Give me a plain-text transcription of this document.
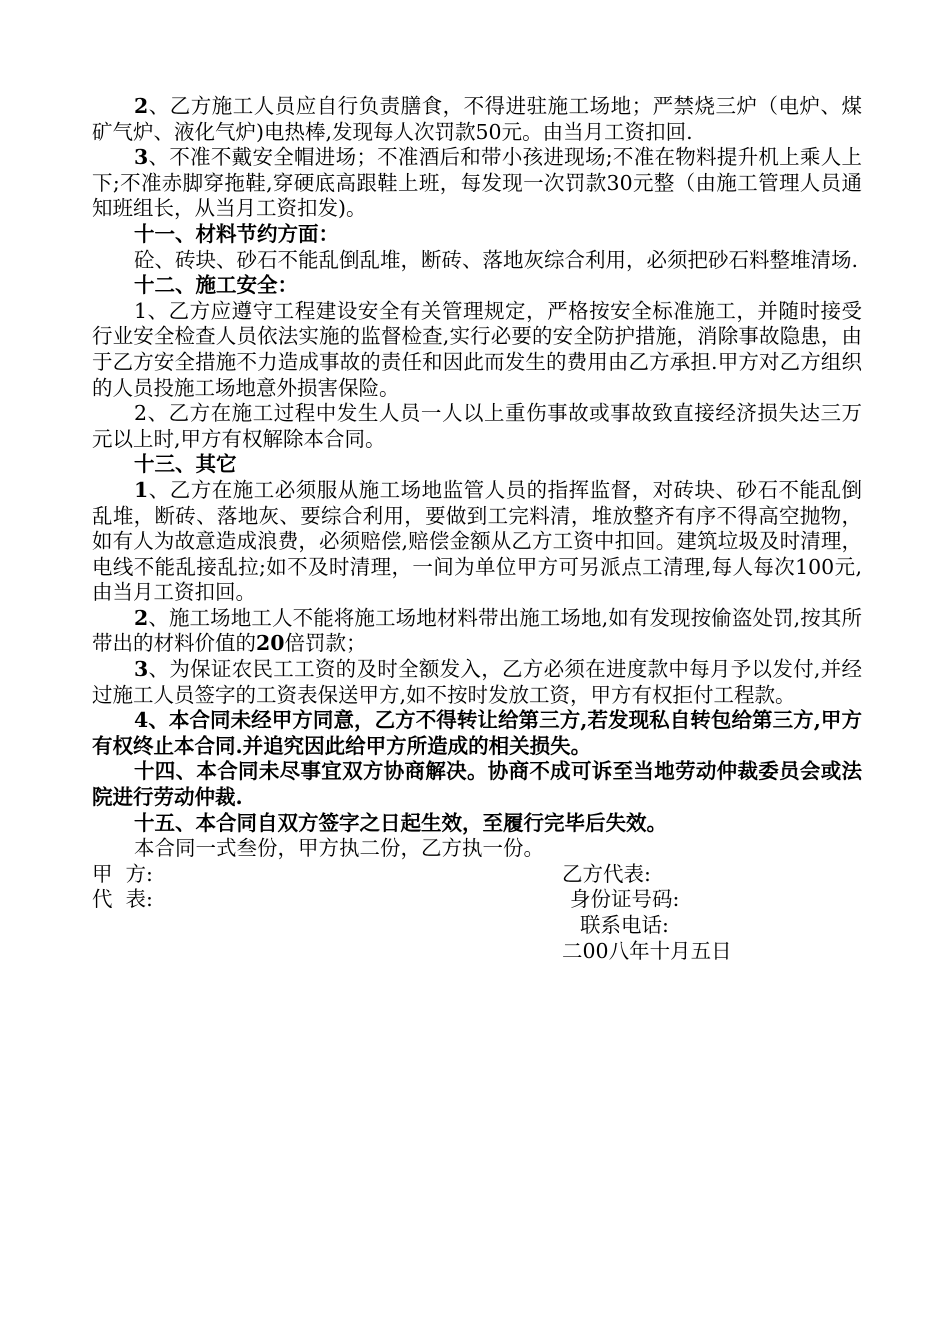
2、乙方施工人员应自行负责膳食，不得进驻施工场地；严禁烧三炉（电炉、煤矿气炉、液化气炉)电热棒,发现每人次罚款50元。由当月工资扣回.

3、不准不戴安全帽进场；不准酒后和带小孩进现场;不准在物料提升机上乘人上下;不准赤脚穿拖鞋,穿硬底高跟鞋上班，每发现一次罚款30元整（由施工管理人员通知班组长，从当月工资扣发)。

十一、材料节约方面：

砼、砖块、砂石不能乱倒乱堆，断砖、落地灰综合利用，必须把砂石料整堆清场.

十二、施工安全：

1、乙方应遵守工程建设安全有关管理规定，严格按安全标准施工，并随时接受行业安全检查人员依法实施的监督检查,实行必要的安全防护措施，消除事故隐患，由于乙方安全措施不力造成事故的责任和因此而发生的费用由乙方承担.甲方对乙方组织的人员投施工场地意外损害保险。

2、乙方在施工过程中发生人员一人以上重伤事故或事故致直接经济损失达三万元以上时,甲方有权解除本合同。

十三、其它

1、乙方在施工必须服从施工场地监管人员的指挥监督，对砖块、砂石不能乱倒乱堆，断砖、落地灰、要综合利用，要做到工完料清，堆放整齐有序不得高空抛物，如有人为故意造成浪费，必须赔偿,赔偿金额从乙方工资中扣回。建筑垃圾及时清理，电线不能乱接乱拉;如不及时清理，一间为单位甲方可另派点工清理,每人每次100元,由当月工资扣回。

2、施工场地工人不能将施工场地材料带出施工场地,如有发现按偷盗处罚,按其所带出的材料价值的20倍罚款；

3、为保证农民工工资的及时全额发入，乙方必须在进度款中每月予以发付,并经过施工人员签字的工资表保送甲方,如不按时发放工资，甲方有权拒付工程款。

4、本合同未经甲方同意，乙方不得转让给第三方,若发现私自转包给第三方,甲方有权终止本合同.并追究因此给甲方所造成的相关损失。

十四、本合同未尽事宜双方协商解决。协商不成可诉至当地劳动仲裁委员会或法院进行劳动仲裁.

十五、本合同自双方签字之日起生效，至履行完毕后失效。

本合同一式叁份，甲方执二份，乙方执一份。

甲  方:

	乙方代表:

代  表:

	身份证号码:

联系电话:

二00八年十月五日
